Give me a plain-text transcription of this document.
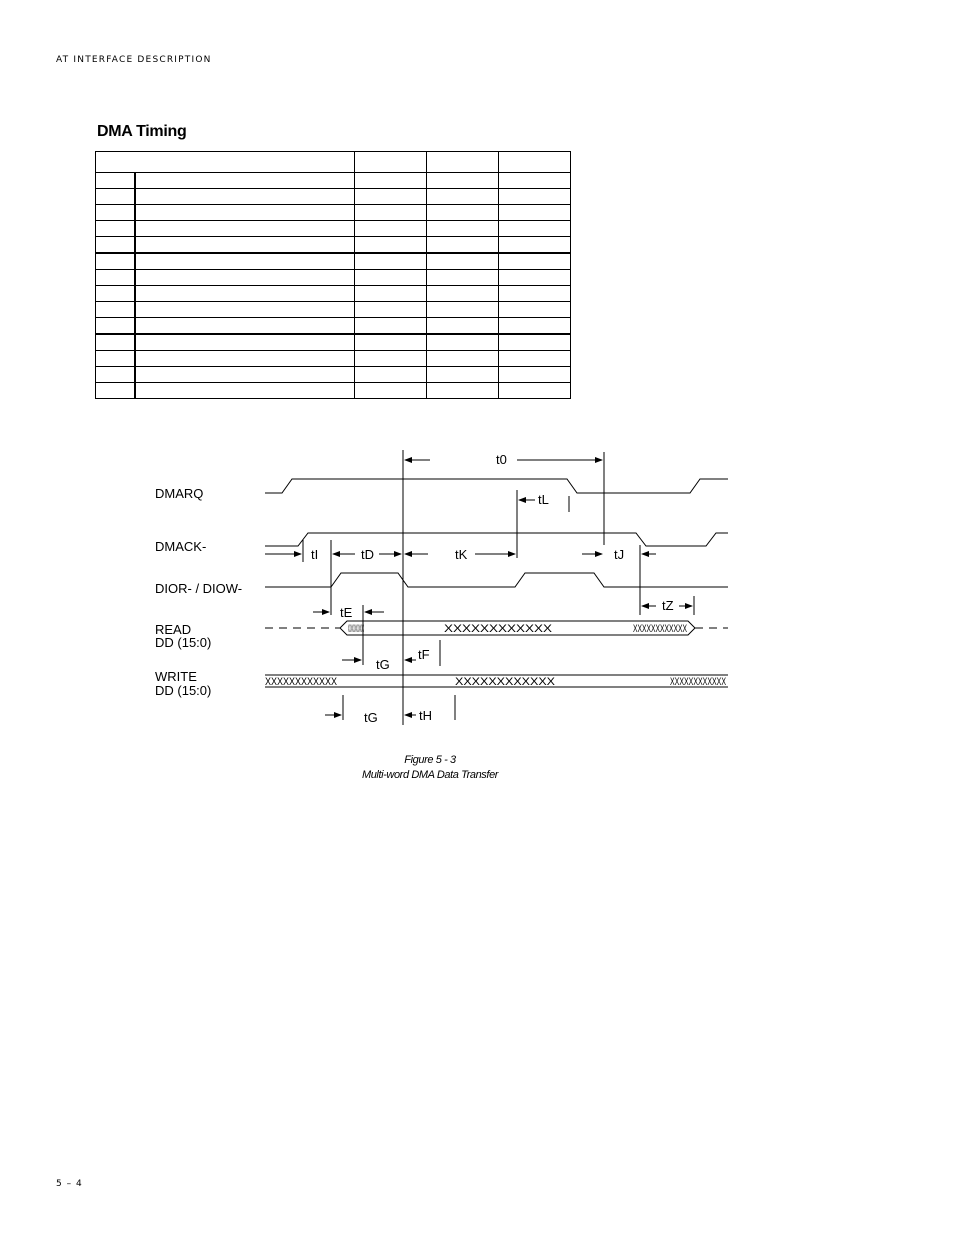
AT INTERFACE DESCRIPTION
DMA Timing

XXXXXXXXXXXX	XXXXXXXXXXXX	XXXXXXXXXXXX
XXXXXXXXXXXX	XXXXXXXXXXXX	XXXXXXXXXXXX
DMARQ
DMACK-
DIOR- / DIOW-
READ
DD (15:0)
WRITE
DD (15:0)
t0
tL
tI	tD	tK	tJ
tZ
tE
tG
tF
tG	tH
Figure 5 - 3
Multi-word DMA Data Transfer
5 – 4
